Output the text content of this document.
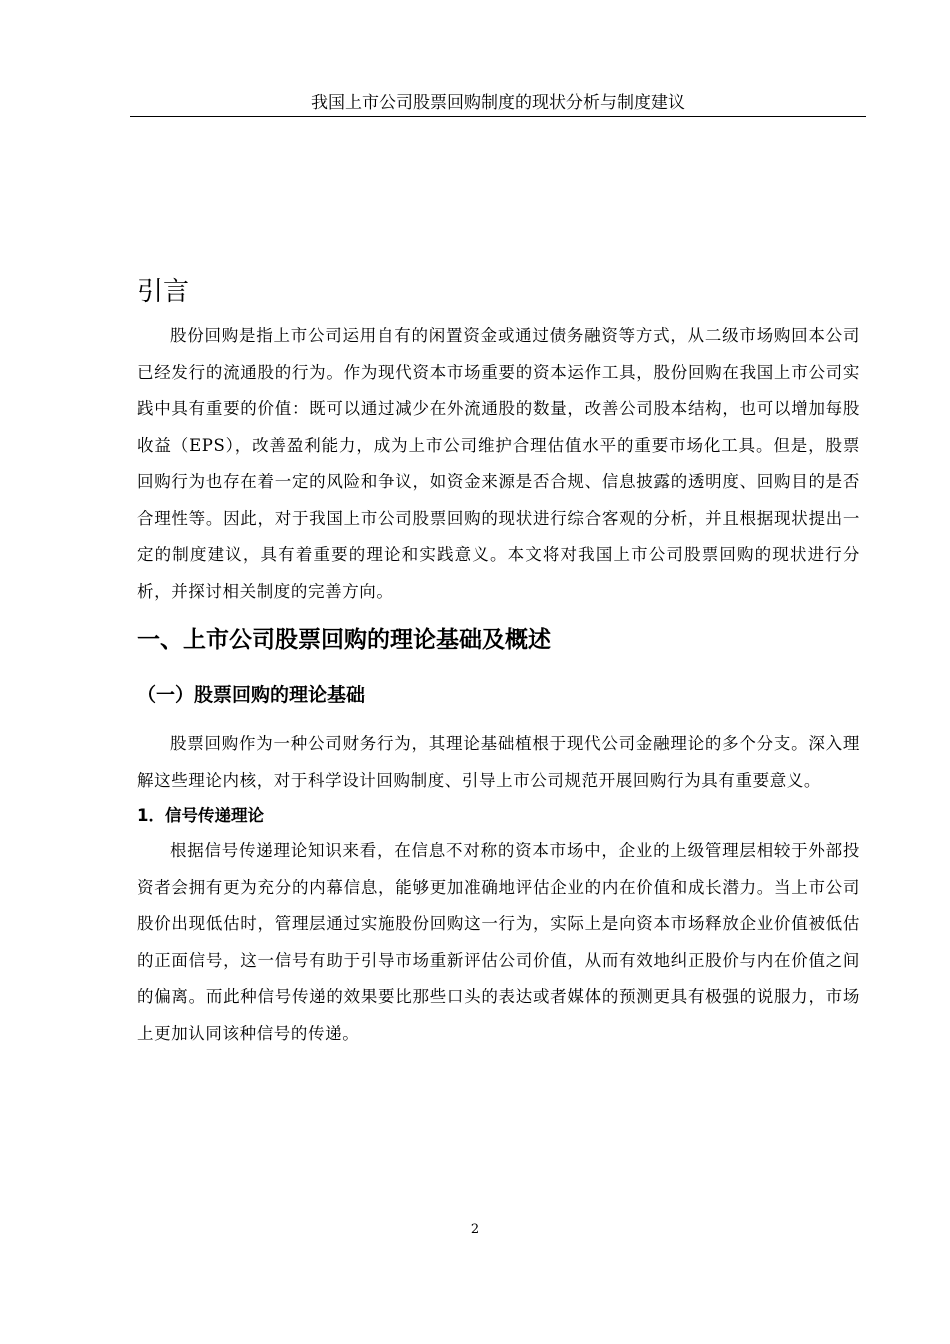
我国上市公司股票回购制度的现状分析与制度建议
引言

股份回购是指上市公司运用自有的闲置资金或通过债务融资等方式，从二级市场购回本公司已经发行的流通股的行为。作为现代资本市场重要的资本运作工具，股份回购在我国上市公司实践中具有重要的价值：既可以通过减少在外流通股的数量，改善公司股本结构，也可以增加每股收益（EPS），改善盈利能力，成为上市公司维护合理估值水平的重要市场化工具。但是，股票回购行为也存在着一定的风险和争议，如资金来源是否合规、信息披露的透明度、回购目的是否合理性等。因此，对于我国上市公司股票回购的现状进行综合客观的分析，并且根据现状提出一定的制度建议，具有着重要的理论和实践意义。本文将对我国上市公司股票回购的现状进行分析，并探讨相关制度的完善方向。

一、上市公司股票回购的理论基础及概述
（一）股票回购的理论基础

股票回购作为一种公司财务行为，其理论基础植根于现代公司金融理论的多个分支。深入理解这些理论内核，对于科学设计回购制度、引导上市公司规范开展回购行为具有重要意义。

1．信号传递理论

根据信号传递理论知识来看，在信息不对称的资本市场中，企业的上级管理层相较于外部投资者会拥有更为充分的内幕信息，能够更加准确地评估企业的内在价值和成长潜力。当上市公司股价出现低估时，管理层通过实施股份回购这一行为，实际上是向资本市场释放企业价值被低估的正面信号，这一信号有助于引导市场重新评估公司价值，从而有效地纠正股价与内在价值之间的偏离。而此种信号传递的效果要比那些口头的表达或者媒体的预测更具有极强的说服力，市场上更加认同该种信号的传递。

2
